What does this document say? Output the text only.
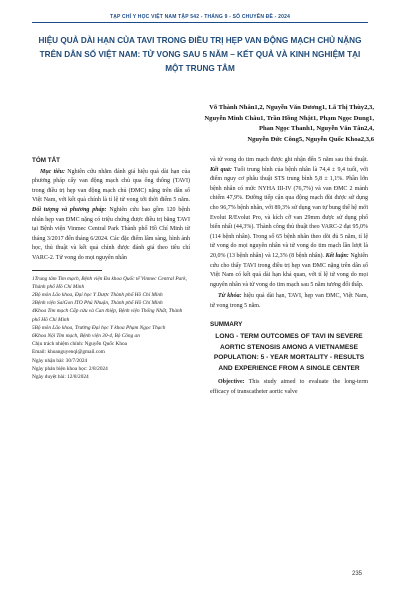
TẠP CHÍ Y HỌC VIỆT NAM TẬP 542 - THÁNG 9 - SỐ CHUYÊN ĐỀ - 2024
HIỆU QUẢ DÀI HẠN CỦA TAVI TRONG ĐIỀU TRỊ HẸP VAN ĐỘNG MẠCH CHỦ NẶNG TRÊN DÂN SỐ VIỆT NAM: TỬ VONG SAU 5 NĂM – KẾT QUẢ VÀ KINH NGHIỆM TẠI MỘT TRUNG TÂM
Võ Thành Nhân1,2, Nguyễn Văn Dương1, Lã Thị Thùy2,3,
Nguyễn Minh Châu1, Trần Hồng Nhật1, Phạm Ngọc Dung1,
Phan Ngọc Thanh1, Nguyễn Văn Tân2,4,
Nguyễn Đức Công5, Nguyễn Quốc Khoa2,3,6
TÓM TẮT

Mục tiêu: Nghiên cứu nhằm đánh giá hiệu quả dài hạn của phương pháp cấy van động mạch chủ qua ống thông (TAVI) trong điều trị hẹp van động mạch chủ (ĐMC) nặng trên dân số Việt Nam, với kết quả chính là tỉ lệ tử vong tới thời điểm 5 năm. Đối tượng và phương pháp: Nghiên cứu bao gồm 120 bệnh nhân hẹp van ĐMC nặng có triệu chứng được điều trị bằng TAVI tại Bệnh viện Vinmec Central Park Thành phố Hồ Chí Minh từ tháng 3/2017 đến tháng 6/2024. Các đặc điểm lâm sàng, hình ảnh học, thủ thuật và kết quả chính được đánh giá theo tiêu chí VARC-2. Tử vong do mọi nguyên nhân

1Trung tâm Tim mạch, Bệnh viện Đa khoa Quốc tế Vinmec Central Park, Thành phố Hồ Chí Minh
2Bộ môn Lão khoa, Đại học Y Dược Thành phố Hồ Chí Minh
3Bệnh viện SaiGon ITO Phú Nhuận, Thành phố Hồ Chí Minh
4Khoa Tim mạch Cấp cứu và Can thiệp, Bệnh viện Thống Nhất, Thành phố Hồ Chí Minh
5Bộ môn Lão khoa, Trường Đại học Y khoa Phạm Ngọc Thạch
6Khoa Nội Tim mạch, Bệnh viện 30-4, Bộ Công an
Chịu trách nhiệm chính: Nguyễn Quốc Khoa
Email: khoanguyenql@gmail.com
Ngày nhận bài: 30/7/2024
Ngày phản biện khoa học: 2/8/2024
Ngày duyệt bài: 12/8/2024

và tử vong do tim mạch được ghi nhận đến 5 năm sau thủ thuật. Kết quả: Tuổi trung bình của bệnh nhân là 74,4 ± 9,4 tuổi, với điểm nguy cơ phẫu thuật STS trung bình 5,8 ± 1,1%. Phần lớn bệnh nhân có mức NYHA III-IV (76,7%) và van ĐMC 2 mảnh chiếm 47,9%. Đường tiếp cận qua động mạch đùi được sử dụng cho 96,7% bệnh nhân, với 89,3% sử dụng van tự bung thế hệ mới Evolut R/Evolut Pro, và kích cỡ van 29mm được sử dụng phổ biến nhất (44,3%). Thành công thủ thuật theo VARC-2 đạt 95,0% (114 bệnh nhân). Trong số 65 bệnh nhân theo dõi đủ 5 năm, tỉ lệ tử vong do mọi nguyên nhân và tử vong do tim mạch lần lượt là 20,0% (13 bệnh nhân) và 12,3% (8 bệnh nhân). Kết luận: Nghiên cứu cho thấy TAVI trong điều trị hẹp van ĐMC nặng trên dân số Việt Nam có kết quả dài hạn khả quan, với tỉ lệ tử vong do mọi nguyên nhân và tử vong do tim mạch sau 5 năm tương đối thấp.

Từ khóa: hiệu quả dài hạn, TAVI, hẹp van ĐMC, Việt Nam, tử vong trong 5 năm.

SUMMARY
LONG - TERM OUTCOMES OF TAVI IN SEVERE AORTIC STENOSIS AMONG A VIETNAMESE POPULATION: 5 - YEAR MORTALITY - RESULTS AND EXPERIENCE FROM A SINGLE CENTER

Objective: This study aimed to evaluate the long-term efficacy of transcatheter aortic valve

235
